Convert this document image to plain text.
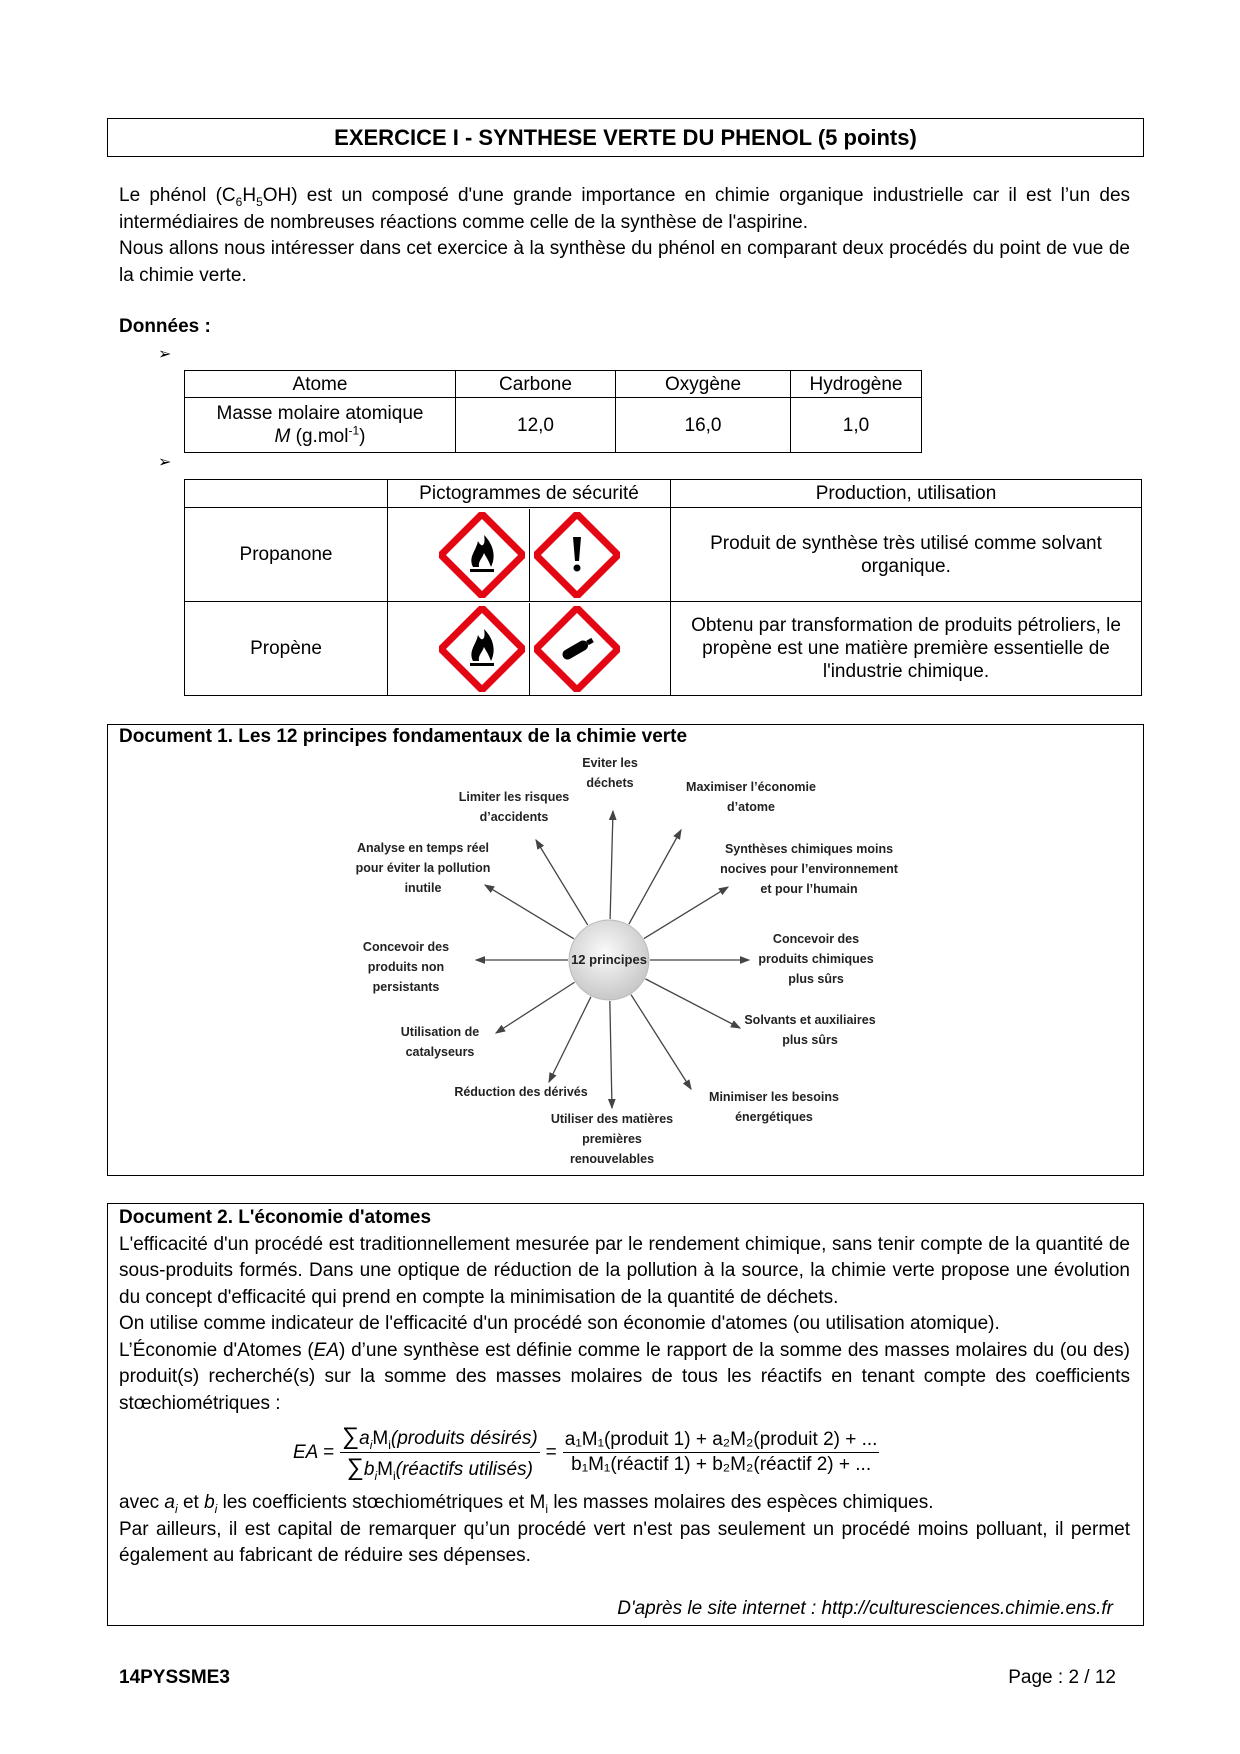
EXERCICE I - SYNTHESE VERTE DU PHENOL (5 points)

Le phénol $(C_6H_5OH)$ est un composé d'une grande importance en chimie organique industrielle car il est l’un des intermédiaires de nombreuses réactions comme celle de la synthèse de l'aspirine.

Nous allons nous intéresser dans cet exercice à la synthèse du phénol en comparant deux procédés du point de vue de la chimie verte.

Données :
➢
➢
Atome	Carbone	Oxygène	Hydrogène

Masse molaire atomique
M (g.mol$^{-1}$)	12,0	16,0	1,0
	Pictogrammes de sécurité	Production, utilisation
Propanone		Produit de synthèse très utilisé comme solvant organique.
Propène		Obtenu par transformation de produits pétroliers, le propène est une matière première essentielle de l'industrie chimique.
Document 1. Les 12 principes fondamentaux de la chimie verte
12 principes
Eviter les
déchets	Maximiser l’économie
d’atome
Synthèses chimiques moins
nocives pour l’environnement
et pour l’humain
Concevoir des
produits chimiques
plus sûrs
Solvants et auxiliaires
plus sûrs
Minimiser les besoins
énergétiques
Utiliser des matières
premières
renouvelables
Réduction des dérivés
Utilisation de
catalyseurs
Concevoir des
produits non
persistants
Analyse en temps réel
pour éviter la pollution
inutile
Limiter les risques
d’accidents

Document 2. L'économie d'atomes

L'efficacité d'un procédé est traditionnellement mesurée par le rendement chimique, sans tenir compte de la quantité de sous-produits formés. Dans une optique de réduction de la pollution à la source, la chimie verte propose une évolution du concept d'efficacité qui prend en compte la minimisation de la quantité de déchets.

On utilise comme indicateur de l'efficacité d'un procédé son économie d'atomes (ou utilisation atomique).

L’Économie d'Atomes (EA) d’une synthèse est définie comme le rapport de la somme des masses molaires du (ou des) produit(s) recherché(s) sur la somme des masses molaires de tous les réactifs en tenant compte des coefficients stœchiométriques :

EA = $\frac{\sum a_iM_i(produits désirés)}{\sum b_iM_i(réactifs utilisés)} = \frac{\text{a₁M₁(produit 1) + a₂M₂(produit 2) + ...}}{\text{b₁M₁(réactif 1) + b₂M₂(réactif 2) + ...}}$

avec $a_i$ et $b_i$ les coefficients stœchiométriques et $M_i$ les masses molaires des espèces chimiques.

Par ailleurs, il est capital de remarquer qu’un procédé vert n'est pas seulement un procédé moins polluant, il permet également au fabricant de réduire ses dépenses.

D'après le site internet : http://culturesciences.chimie.ens.fr
14PYSSME3	Page : 2 / 12
